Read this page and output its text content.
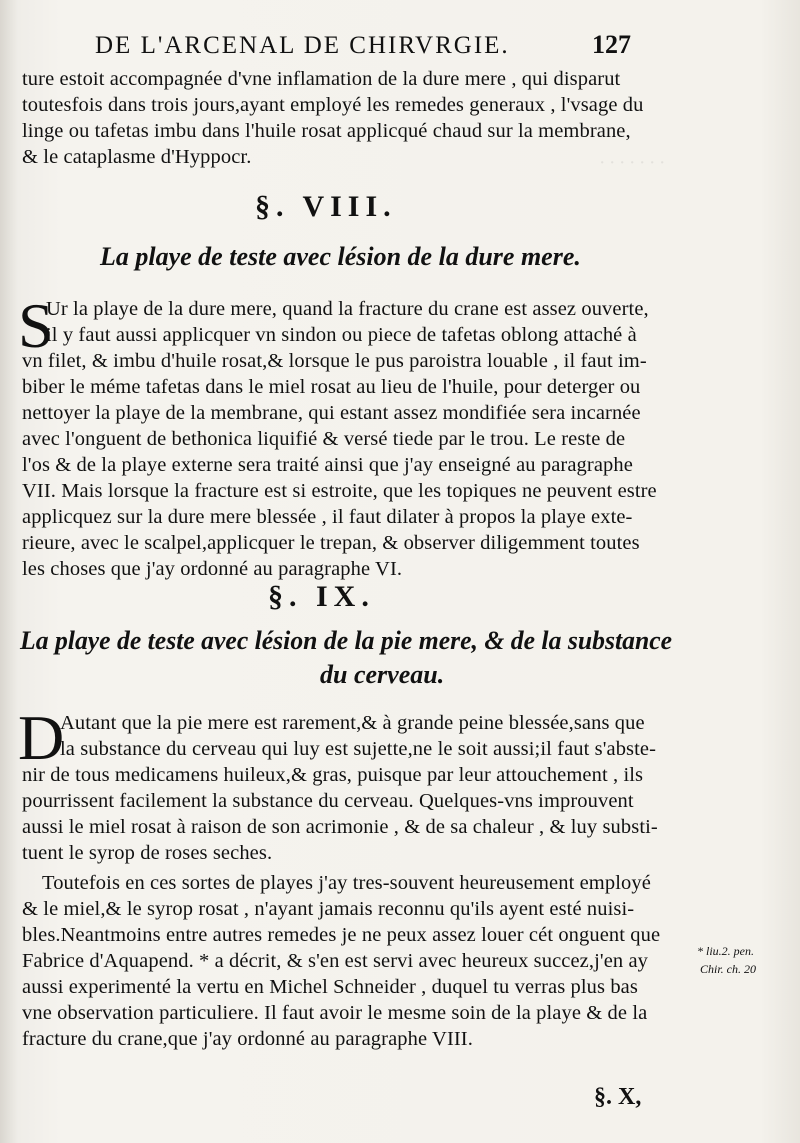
· · · · · · ·
DE L'ARCENAL DE CHIRVRGIE.	127
ture estoit accompagnée d'vne inflamation de la dure mere , qui disparut
toutesfois dans trois jours,ayant employé les remedes generaux , l'vsage du
linge ou tafetas imbu dans l'huile rosat applicqué chaud sur la membrane,
& le cataplasme d'Hyppocr.
§. VIII.
La playe de teste avec lésion de la dure mere.
S
Ur la playe de la dure mere, quand la fracture du crane est assez ouverte,
il y faut aussi applicquer vn sindon ou piece de tafetas oblong attaché à
vn filet, & imbu d'huile rosat,& lorsque le pus paroistra louable , il faut im-
biber le méme tafetas dans le miel rosat au lieu de l'huile, pour deterger ou
nettoyer la playe de la membrane, qui estant assez mondifiée sera incarnée
avec l'onguent de bethonica liquifié & versé tiede par le trou. Le reste de
l'os & de la playe externe sera traité ainsi que j'ay enseigné au paragraphe
VII. Mais lorsque la fracture est si estroite, que les topiques ne peuvent estre
applicquez sur la dure mere blessée , il faut dilater à propos la playe exte-
rieure, avec le scalpel,applicquer le trepan, & observer diligemment toutes
les choses que j'ay ordonné au paragraphe VI.
§. IX.
La playe de teste avec lésion de la pie mere, & de la substance
du cerveau.
D
Autant que la pie mere est rarement,& à grande peine blessée,sans que
la substance du cerveau qui luy est sujette,ne le soit aussi;il faut s'abste-
nir de tous medicamens huileux,& gras, puisque par leur attouchement , ils
pourrissent facilement la substance du cerveau. Quelques-vns improuvent
aussi le miel rosat à raison de son acrimonie , & de sa chaleur , & luy substi-
tuent le syrop de roses seches.
Toutefois en ces sortes de playes j'ay tres-souvent heureusement employé
& le miel,& le syrop rosat , n'ayant jamais reconnu qu'ils ayent esté nuisi-
bles.Neantmoins entre autres remedes je ne peux assez louer cét onguent que
Fabrice d'Aquapend. * a décrit, & s'en est servi avec heureux succez,j'en ay
aussi experimenté la vertu en Michel Schneider , duquel tu verras plus bas
vne observation particuliere. Il faut avoir le mesme soin de la playe & de la
fracture du crane,que j'ay ordonné au paragraphe VIII.
* liu.2. pen.
Chir. ch. 20
§. X,
